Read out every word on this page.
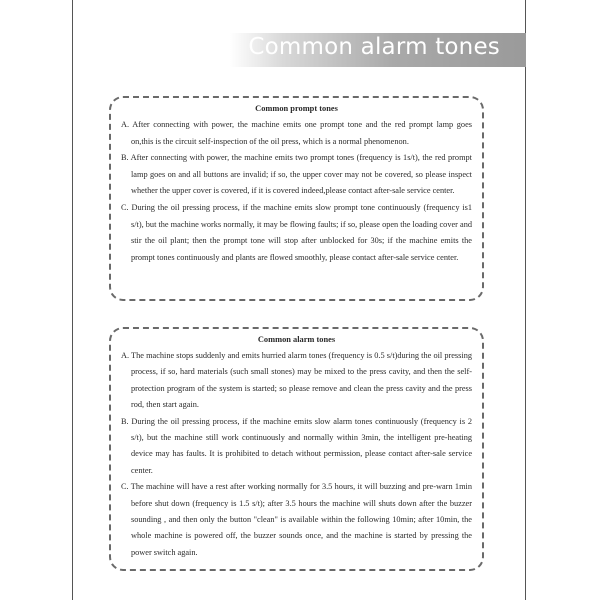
Common alarm tones
Common prompt tones
A. After connecting with power, the machine emits one prompt tone and the red prompt lamp goes on,this is the circuit self-inspection of the oil press, which is a normal phenomenon.
B. After connecting with power, the machine emits two prompt tones (frequency is 1s/t), the red prompt lamp goes on and all buttons are invalid; if so, the upper cover may not be covered, so please inspect whether the upper cover is covered, if it is covered indeed,please contact after-sale service center.
C. During the oil pressing process, if the machine emits slow prompt tone continuously (frequency is1 s/t), but the machine works normally, it may be flowing faults; if so, please open the loading cover and stir the oil plant; then the prompt tone will stop after unblocked for 30s; if the machine emits the prompt tones continuously and plants are flowed smoothly, please contact after-sale service center.
Common alarm tones
A. The machine stops suddenly and emits hurried alarm tones (frequency is 0.5 s/t)during the oil pressing process, if so, hard materials (such small stones) may be mixed to the press cavity, and then the self-protection program of the system is started; so please remove and clean the press cavity and the press rod, then start again.
B. During the oil pressing process, if the machine emits slow alarm tones continuously (frequency is 2 s/t), but the machine still work continuously and normally within 3min, the intelligent pre-heating device may has faults. It is prohibited to detach without permission, please contact after-sale service center.
C. The machine will have a rest after working normally for 3.5 hours, it will buzzing and pre-warn 1min before shut down (frequency is 1.5 s/t); after 3.5 hours the machine will shuts down after the buzzer sounding , and then only the button "clean" is available within the following 10min; after 10min, the whole machine is powered off, the buzzer sounds once, and the machine is started by pressing the power switch again.
